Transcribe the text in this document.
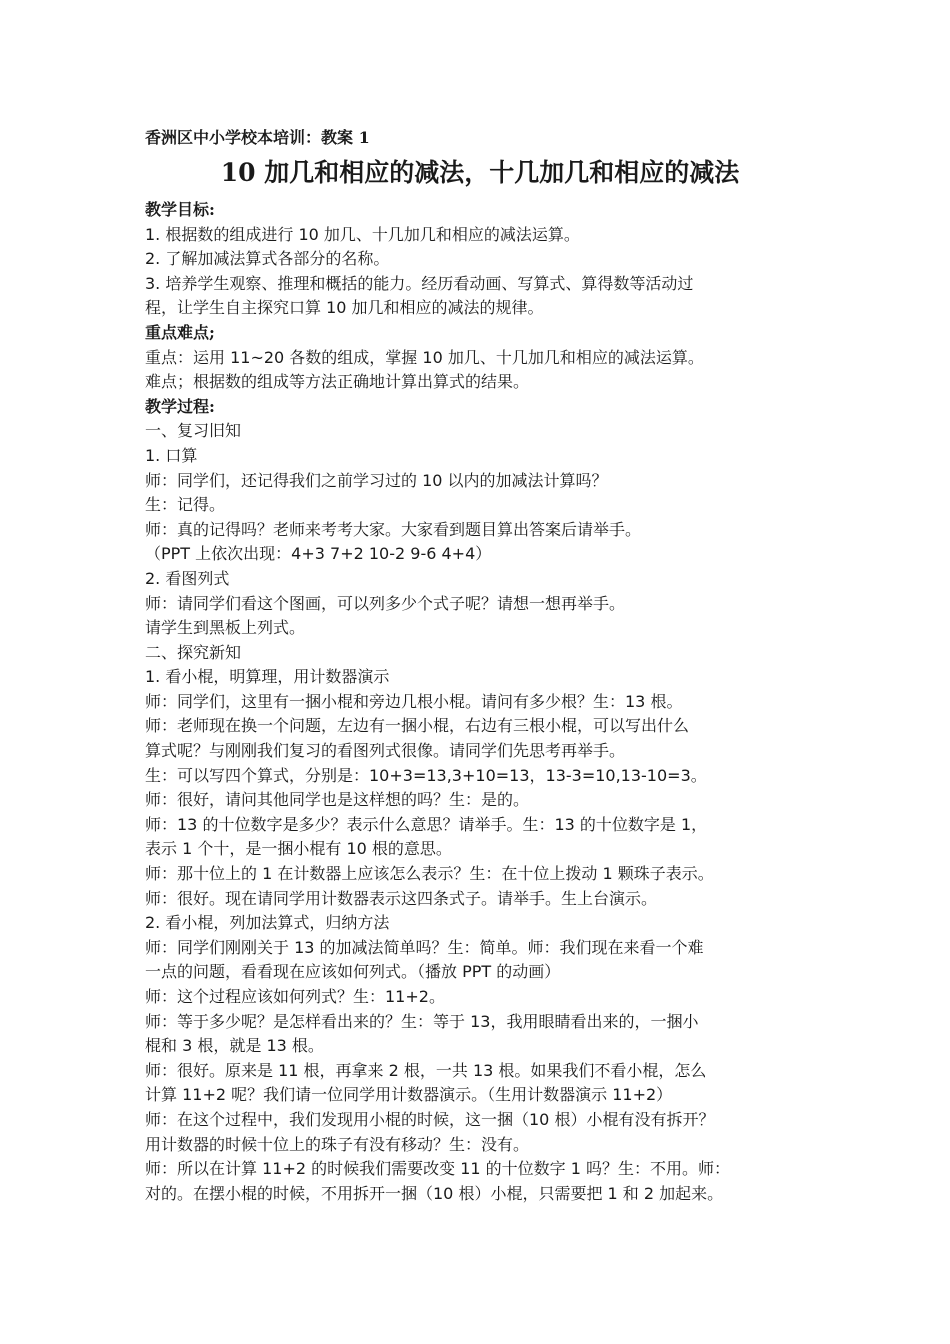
香洲区中小学校本培训：教案 1
10 加几和相应的减法，十几加几和相应的减法
教学目标:
1. 根据数的组成进行 10 加几、十几加几和相应的减法运算。
2. 了解加减法算式各部分的名称。
3. 培养学生观察、推理和概括的能力。经历看动画、写算式、算得数等活动过
程，让学生自主探究口算 10 加几和相应的减法的规律。
重点难点;
重点：运用 11~20 各数的组成，掌握 10 加几、十几加几和相应的减法运算。
难点；根据数的组成等方法正确地计算出算式的结果。
教学过程:
一、复习旧知
1. 口算
师：同学们，还记得我们之前学习过的 10 以内的加减法计算吗？
生：记得。
师：真的记得吗？老师来考考大家。大家看到题目算出答案后请举手。
（PPT 上依次出现：4+3 7+2 10-2 9-6 4+4）
2. 看图列式
师：请同学们看这个图画，可以列多少个式子呢？请想一想再举手。
请学生到黑板上列式。
二、探究新知
1. 看小棍，明算理，用计数器演示
师：同学们，这里有一捆小棍和旁边几根小棍。请问有多少根？生：13 根。
师：老师现在换一个问题，左边有一捆小棍，右边有三根小棍，可以写出什么
算式呢？与刚刚我们复习的看图列式很像。请同学们先思考再举手。
生：可以写四个算式，分别是：10+3=13,3+10=13，13-3=10,13-10=3。
师：很好，请问其他同学也是这样想的吗？生：是的。
师：13 的十位数字是多少？表示什么意思？请举手。生：13 的十位数字是 1，
表示 1 个十，是一捆小棍有 10 根的意思。
师：那十位上的 1 在计数器上应该怎么表示？生：在十位上拨动 1 颗珠子表示。
师：很好。现在请同学用计数器表示这四条式子。请举手。生上台演示。
2. 看小棍，列加法算式，归纳方法
师：同学们刚刚关于 13 的加减法简单吗？生：简单。师：我们现在来看一个难
一点的问题，看看现在应该如何列式。（播放 PPT 的动画）
师：这个过程应该如何列式？生：11+2。
师：等于多少呢？是怎样看出来的？生：等于 13，我用眼睛看出来的，一捆小
棍和 3 根，就是 13 根。
师：很好。原来是 11 根，再拿来 2 根，一共 13 根。如果我们不看小棍，怎么
计算 11+2 呢？我们请一位同学用计数器演示。（生用计数器演示 11+2）
师：在这个过程中，我们发现用小棍的时候，这一捆（10 根）小棍有没有拆开？
用计数器的时候十位上的珠子有没有移动？生：没有。
师：所以在计算 11+2 的时候我们需要改变 11 的十位数字 1 吗？生：不用。师：
对的。在摆小棍的时候，不用拆开一捆（10 根）小棍，只需要把 1 和 2 加起来。
